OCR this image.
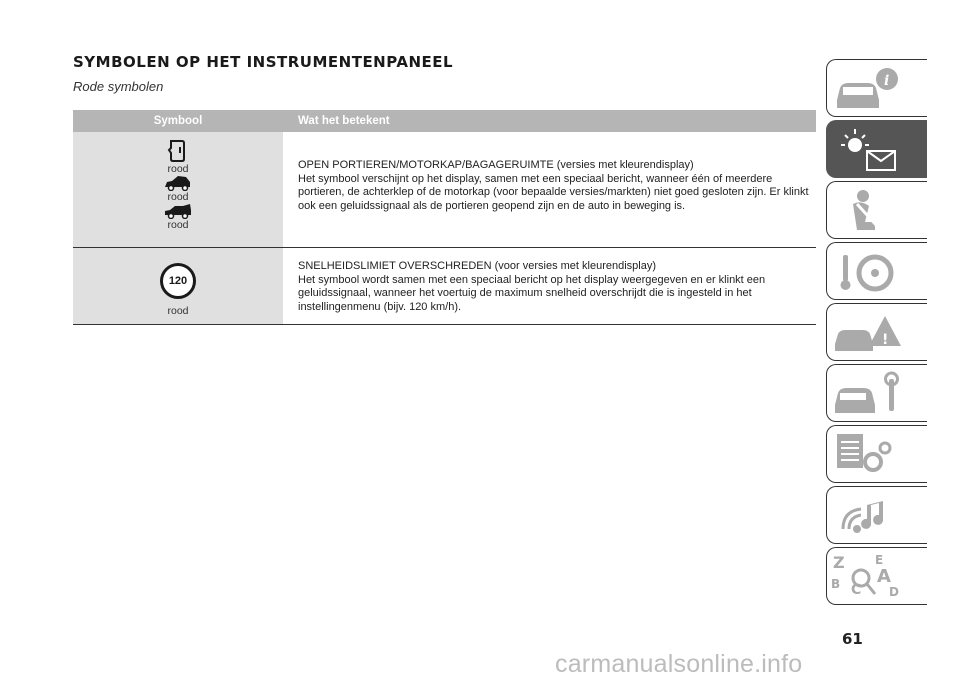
SYMBOLEN OP HET INSTRUMENTENPANEEL
Rode symbolen
Symbool	Wat het betekent
rood
rood
rood
OPEN PORTIEREN/MOTORKAP/BAGAGERUIMTE (versies met kleurendisplay)
Het symbool verschijnt op het display, samen met een speciaal bericht, wanneer één of meerdere portieren, de achterklep of de motorkap (voor bepaalde versies/markten) niet goed gesloten zijn. Er klinkt ook een geluidssignaal als de portieren geopend zijn en de auto in beweging is.
120
rood
SNELHEIDSLIMIET OVERSCHREDEN (voor versies met kleurendisplay)
Het symbool wordt samen met een speciaal bericht op het display weergegeven en er klinkt een geluidssignaal, wanneer het voertuig de maximum snelheid overschrijdt die is ingesteld in het instellingenmenu (bijv. 120 km/h).
i
!
Z	E
B A
C D
61
carmanualsonline.info
